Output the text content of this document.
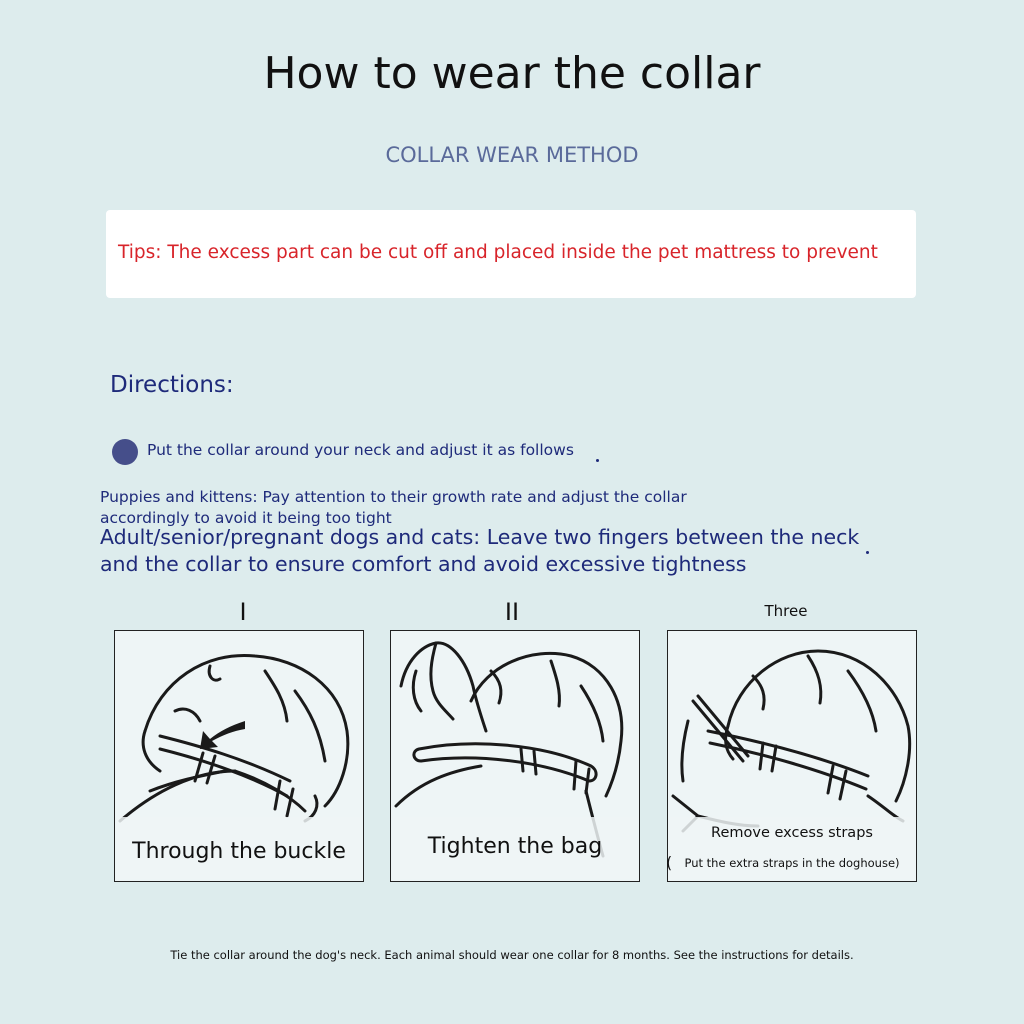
How to wear the collar
COLLAR WEAR METHOD
Tips: The excess part can be cut off and placed inside the pet mattress to prevent
Directions:
Put the collar around your neck and adjust it as follows
Puppies and kittens: Pay attention to their growth rate and adjust the collar accordingly to avoid it being too tight
Adult/senior/pregnant dogs and cats: Leave two fingers between the neck and the collar to ensure comfort and avoid excessive tightness
I	II	Three
Through the buckle	Tighten the bag
Remove excess straps
( Put the extra straps in the doghouse)
Tie the collar around the dog's neck. Each animal should wear one collar for 8 months. See the instructions for details.
